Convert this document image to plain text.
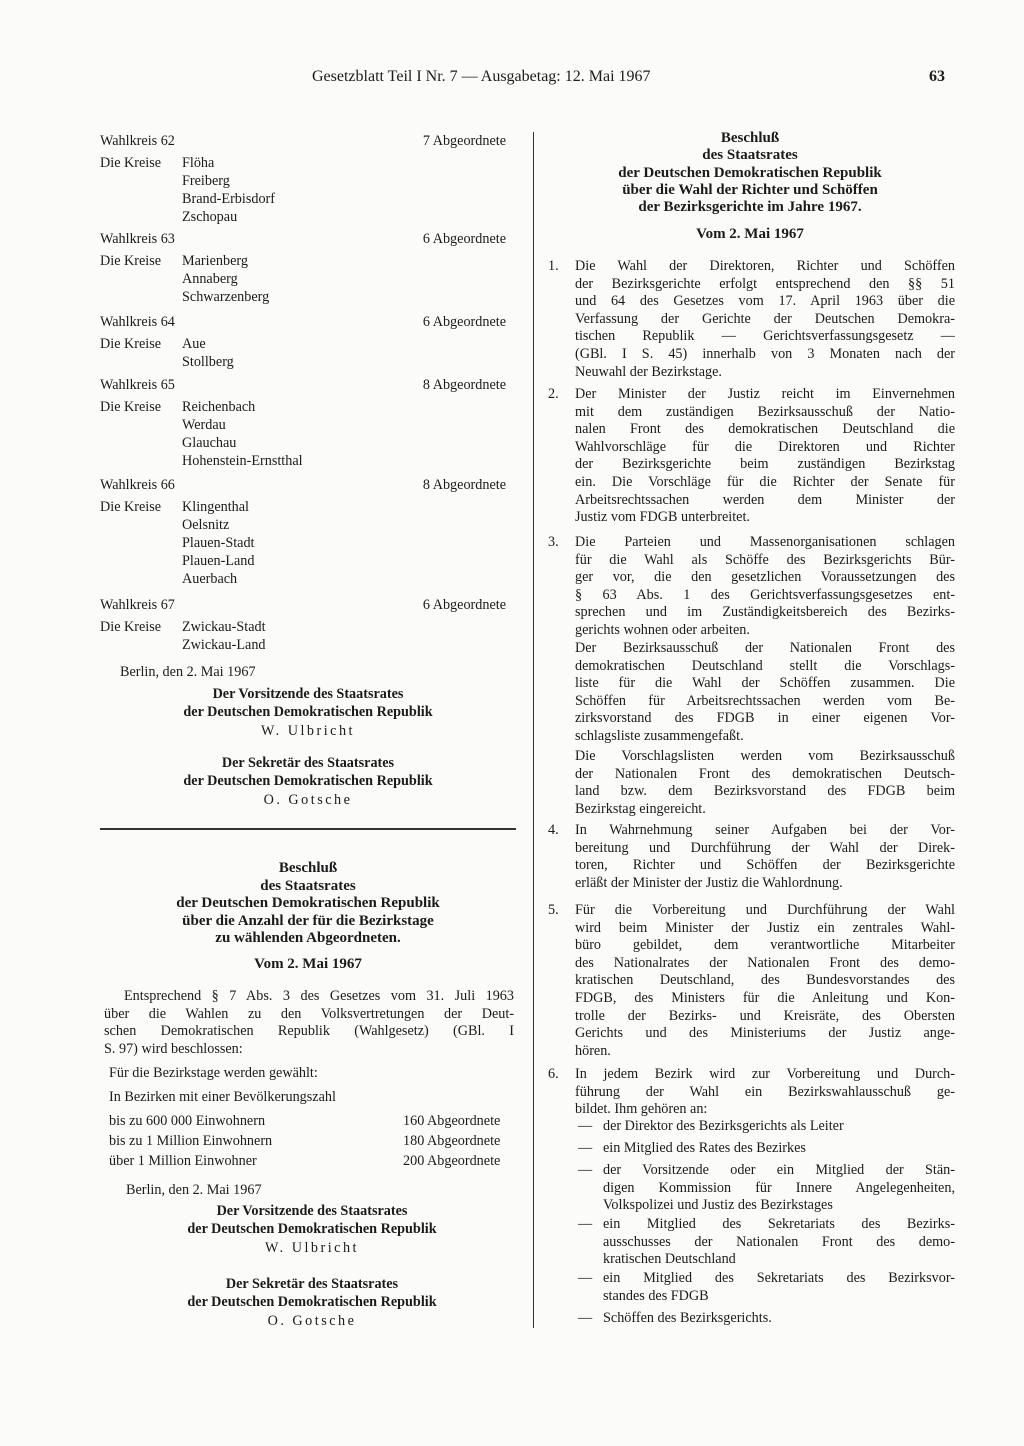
Gesetzblatt Teil I Nr. 7 — Ausgabetag: 12. Mai 1967	63
Wahlkreis 62	7 Abgeordnete
Die Kreise Flöha
Freiberg
Brand-Erbisdorf
Zschopau
Wahlkreis 63	6 Abgeordnete
Die Kreise Marienberg
Annaberg
Schwarzenberg
Wahlkreis 64	6 Abgeordnete
Die Kreise Aue
Stollberg
Wahlkreis 65	8 Abgeordnete
Die Kreise Reichenbach
Werdau
Glauchau
Hohenstein-Ernstthal
Wahlkreis 66	8 Abgeordnete
Die Kreise Klingenthal
Oelsnitz
Plauen-Stadt
Plauen-Land
Auerbach
Wahlkreis 67	6 Abgeordnete
Die Kreise Zwickau-Stadt
Zwickau-Land
Berlin, den 2. Mai 1967
Der Vorsitzende des Staatsrates
der Deutschen Demokratischen Republik
W. Ulbricht
Der Sekretär des Staatsrates
der Deutschen Demokratischen Republik
O. Gotsche
Beschluß
des Staatsrates
der Deutschen Demokratischen Republik
über die Anzahl der für die Bezirkstage
zu wählenden Abgeordneten.
Vom 2. Mai 1967
Entsprechend § 7 Abs. 3 des Gesetzes vom 31. Juli 1963
über die Wahlen zu den Volksvertretungen der Deut-
schen Demokratischen Republik (Wahlgesetz) (GBl. I
S. 97) wird beschlossen:
Für die Bezirkstage werden gewählt:
In Bezirken mit einer Bevölkerungszahl
bis zu 600 000 Einwohnern	160 Abgeordnete
bis zu 1 Million Einwohnern	180 Abgeordnete
über 1 Million Einwohner	200 Abgeordnete
Berlin, den 2. Mai 1967
Der Vorsitzende des Staatsrates
der Deutschen Demokratischen Republik
W. Ulbricht
Der Sekretär des Staatsrates
der Deutschen Demokratischen Republik
O. Gotsche
Beschluß
des Staatsrates
der Deutschen Demokratischen Republik
über die Wahl der Richter und Schöffen
der Bezirksgerichte im Jahre 1967.
Vom 2. Mai 1967
1. Die Wahl der Direktoren, Richter und Schöffen
der Bezirksgerichte erfolgt entsprechend den §§ 51
und 64 des Gesetzes vom 17. April 1963 über die
Verfassung der Gerichte der Deutschen Demokra-
tischen Republik — Gerichtsverfassungsgesetz —
(GBl. I S. 45) innerhalb von 3 Monaten nach der
Neuwahl der Bezirkstage.
2. Der Minister der Justiz reicht im Einvernehmen
mit dem zuständigen Bezirksausschuß der Natio-
nalen Front des demokratischen Deutschland die
Wahlvorschläge für die Direktoren und Richter
der Bezirksgerichte beim zuständigen Bezirkstag
ein. Die Vorschläge für die Richter der Senate für
Arbeitsrechtssachen werden dem Minister der
Justiz vom FDGB unterbreitet.
3. Die Parteien und Massenorganisationen schlagen
für die Wahl als Schöffe des Bezirksgerichts Bür-
ger vor, die den gesetzlichen Voraussetzungen des
§ 63 Abs. 1 des Gerichtsverfassungsgesetzes ent-
sprechen und im Zuständigkeitsbereich des Bezirks-
gerichts wohnen oder arbeiten.
Der Bezirksausschuß der Nationalen Front des
demokratischen Deutschland stellt die Vorschlags-
liste für die Wahl der Schöffen zusammen. Die
Schöffen für Arbeitsrechtssachen werden vom Be-
zirksvorstand des FDGB in einer eigenen Vor-
schlagsliste zusammengefaßt.
Die Vorschlagslisten werden vom Bezirksausschuß
der Nationalen Front des demokratischen Deutsch-
land bzw. dem Bezirksvorstand des FDGB beim
Bezirkstag eingereicht.
4. In Wahrnehmung seiner Aufgaben bei der Vor-
bereitung und Durchführung der Wahl der Direk-
toren, Richter und Schöffen der Bezirksgerichte
erläßt der Minister der Justiz die Wahlordnung.
5. Für die Vorbereitung und Durchführung der Wahl
wird beim Minister der Justiz ein zentrales Wahl-
büro gebildet, dem verantwortliche Mitarbeiter
des Nationalrates der Nationalen Front des demo-
kratischen Deutschland, des Bundesvorstandes des
FDGB, des Ministers für die Anleitung und Kon-
trolle der Bezirks- und Kreisräte, des Obersten
Gerichts und des Ministeriums der Justiz ange-
hören.
6. In jedem Bezirk wird zur Vorbereitung und Durch-
führung der Wahl ein Bezirkswahlausschuß ge-
bildet. Ihm gehören an:
— der Direktor des Bezirksgerichts als Leiter
— ein Mitglied des Rates des Bezirkes
— der Vorsitzende oder ein Mitglied der Stän-
digen Kommission für Innere Angelegenheiten,
Volkspolizei und Justiz des Bezirkstages
— ein Mitglied des Sekretariats des Bezirks-
ausschusses der Nationalen Front des demo-
kratischen Deutschland
— ein Mitglied des Sekretariats des Bezirksvor-
standes des FDGB
— Schöffen des Bezirksgerichts.
